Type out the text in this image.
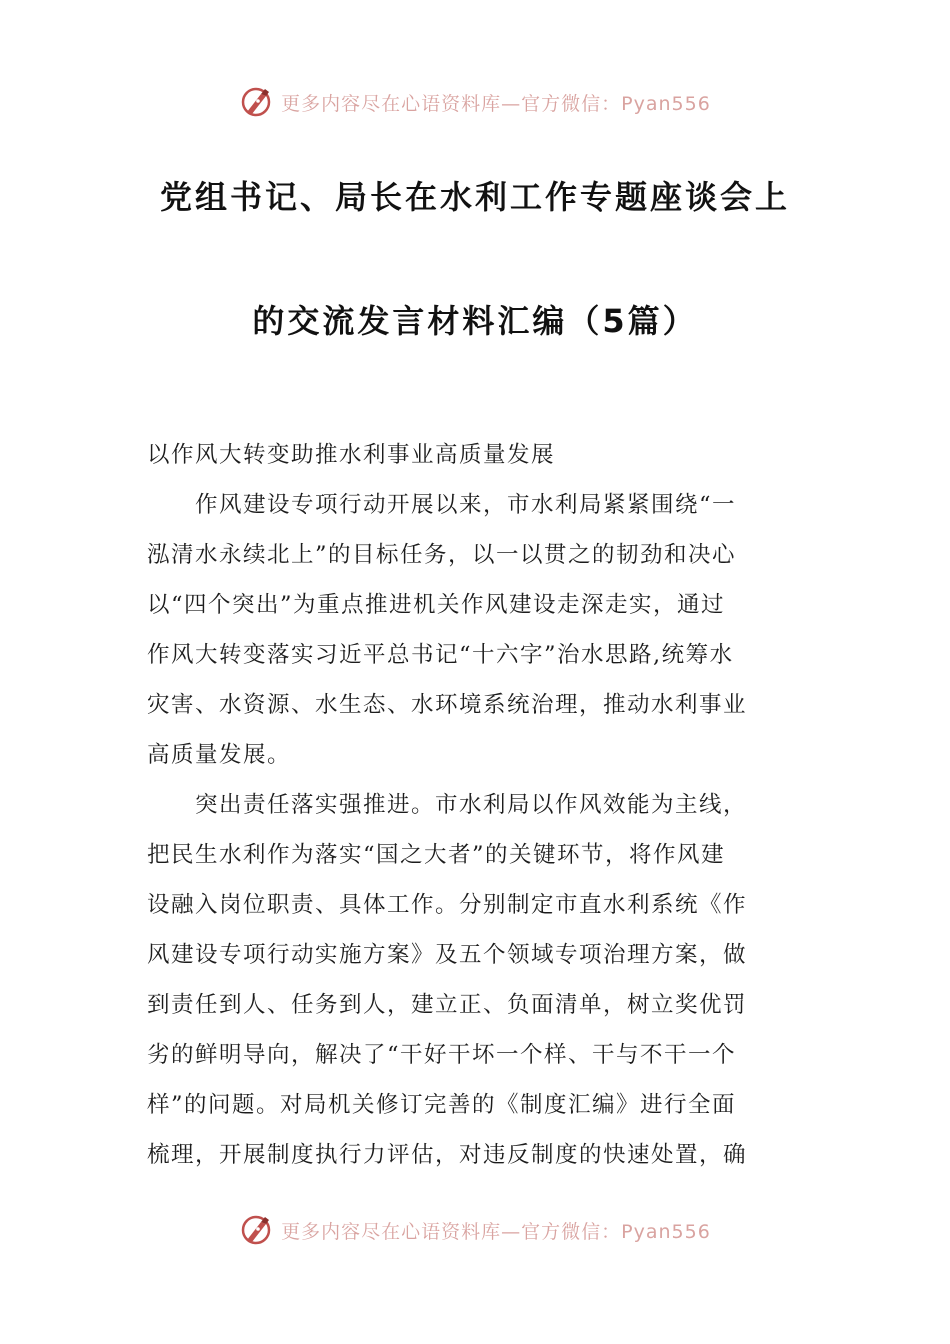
更多内容尽在心语资料库—官方微信：Pyan556
党组书记、局长在水利工作专题座谈会上
的交流发言材料汇编（5篇）
以作风大转变助推水利事业高质量发展
作风建设专项行动开展以来，市水利局紧紧围绕“一
泓清水永续北上”的目标任务，以一以贯之的韧劲和决心
以“四个突出”为重点推进机关作风建设走深走实，通过
作风大转变落实习近平总书记“十六字”治水思路,统筹水
灾害、水资源、水生态、水环境系统治理，推动水利事业
高质量发展。
突出责任落实强推进。市水利局以作风效能为主线，
把民生水利作为落实“国之大者”的关键环节，将作风建
设融入岗位职责、具体工作。分别制定市直水利系统《作
风建设专项行动实施方案》及五个领域专项治理方案，做
到责任到人、任务到人，建立正、负面清单，树立奖优罚
劣的鲜明导向，解决了“干好干坏一个样、干与不干一个
样”的问题。对局机关修订完善的《制度汇编》进行全面
梳理，开展制度执行力评估，对违反制度的快速处置，确
更多内容尽在心语资料库—官方微信：Pyan556
